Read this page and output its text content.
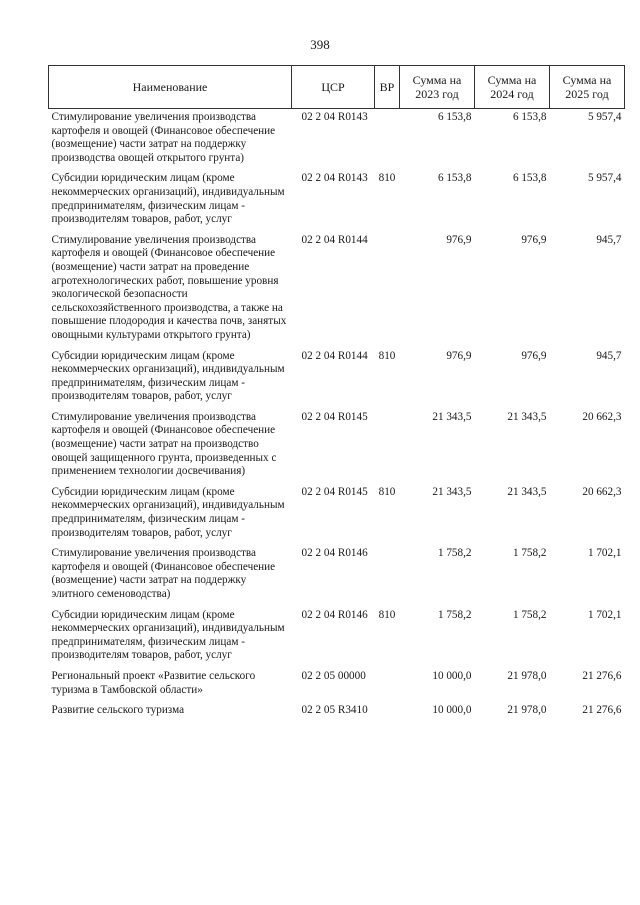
398
Наименование	ЦСР	ВР	Сумма на 2023 год	Сумма на 2024 год	Сумма на 2025 год
Стимулирование увеличения производства картофеля и овощей (Финансовое обеспечение (возмещение) части затрат на поддержку производства овощей открытого грунта)	02 2 04 R0143		6 153,8	6 153,8	5 957,4
Субсидии юридическим лицам (кроме некоммерческих организаций), индивидуальным предпринимателям, физическим лицам - производителям товаров, работ, услуг	02 2 04 R0143	810	6 153,8	6 153,8	5 957,4
Стимулирование увеличения производства картофеля и овощей (Финансовое обеспечение (возмещение) части затрат на проведение агротехнологических работ, повышение уровня экологической безопасности сельскохозяйственного производства, а также на повышение плодородия и качества почв, занятых овощными культурами открытого грунта)	02 2 04 R0144		976,9	976,9	945,7
Субсидии юридическим лицам (кроме некоммерческих организаций), индивидуальным предпринимателям, физическим лицам - производителям товаров, работ, услуг	02 2 04 R0144	810	976,9	976,9	945,7
Стимулирование увеличения производства картофеля и овощей (Финансовое обеспечение (возмещение) части затрат на производство овощей защищенного грунта, произведенных с применением технологии досвечивания)	02 2 04 R0145		21 343,5	21 343,5	20 662,3
Субсидии юридическим лицам (кроме некоммерческих организаций), индивидуальным предпринимателям, физическим лицам - производителям товаров, работ, услуг	02 2 04 R0145	810	21 343,5	21 343,5	20 662,3
Стимулирование увеличения производства картофеля и овощей (Финансовое обеспечение (возмещение) части затрат на поддержку элитного семеноводства)	02 2 04 R0146		1 758,2	1 758,2	1 702,1
Субсидии юридическим лицам (кроме некоммерческих организаций), индивидуальным предпринимателям, физическим лицам - производителям товаров, работ, услуг	02 2 04 R0146	810	1 758,2	1 758,2	1 702,1
Региональный проект «Развитие сельского туризма в Тамбовской области»	02 2 05 00000		10 000,0	21 978,0	21 276,6
Развитие сельского туризма	02 2 05 R3410		10 000,0	21 978,0	21 276,6
